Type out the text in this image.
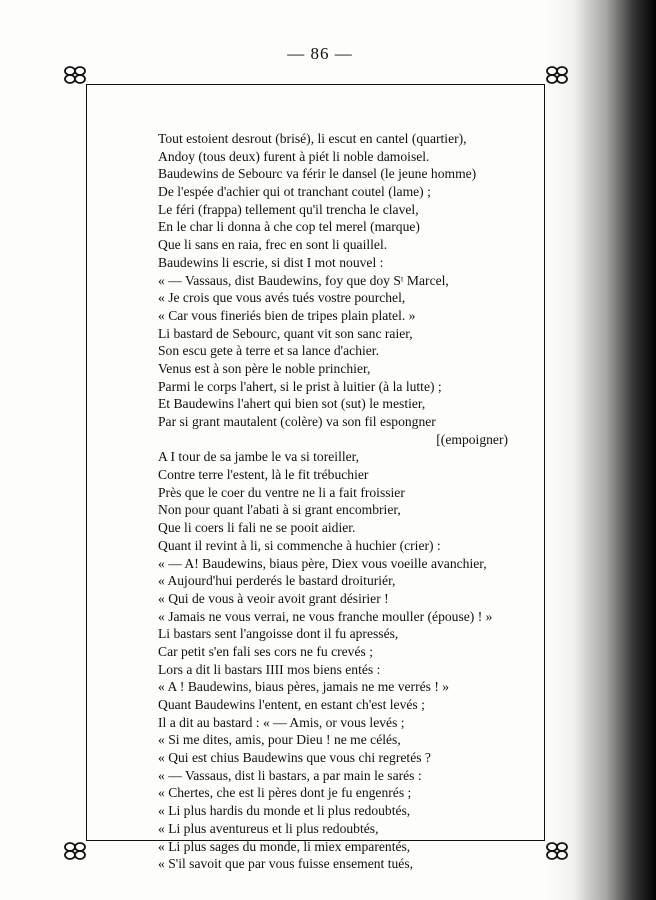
— 86 —
Tout estoient desrout (brisé), li escut en cantel (quartier),
Andoy (tous deux) furent à piét li noble damoisel.
Baudewins de Sebourc va férir le dansel (le jeune homme)
De l'espée d'achier qui ot tranchant coutel (lame) ;
Le féri (frappa) tellement qu'il trencha le clavel,
En le char li donna à che cop tel merel (marque)
Que li sans en raia, frec en sont li quaillel.
Baudewins li escrie, si dist I mot nouvel :
« — Vassaus, dist Baudewins, foy que doy Sᵗ Marcel,
« Je crois que vous avés tués vostre pourchel,
« Car vous fineriés bien de tripes plain platel. »
Li bastard de Sebourc, quant vit son sanc raier,
Son escu gete à terre et sa lance d'achier.
Venus est à son père le noble princhier,
Parmi le corps l'ahert, si le prist à luitier (à la lutte) ;
Et Baudewins l'ahert qui bien sot (sut) le mestier,
Par si grant mautalent (colère) va son fil espongner
[(empoigner)
A I tour de sa jambe le va si toreiller,
Contre terre l'estent, là le fit trébuchier
Près que le coer du ventre ne li a fait froissier
Non pour quant l'abati à si grant encombrier,
Que li coers li fali ne se pooit aidier.
Quant il revint à li, si commenche à huchier (crier) :
« — A! Baudewins, biaus père, Diex vous voeille avanchier,
« Aujourd'hui perderés le bastard droituriér,
« Qui de vous à veoir avoit grant désirier !
« Jamais ne vous verrai, ne vous franche mouller (épouse) ! »
Li bastars sent l'angoisse dont il fu apressés,
Car petit s'en fali ses cors ne fu crevés ;
Lors a dit li bastars IIII mos biens entés :
« A ! Baudewins, biaus pères, jamais ne me verrés ! »
Quant Baudewins l'entent, en estant ch'est levés ;
Il a dit au bastard : « — Amis, or vous levés ;
« Si me dites, amis, pour Dieu ! ne me célés,
« Qui est chius Baudewins que vous chi regretés ?
« — Vassaus, dist li bastars, a par main le sarés :
« Chertes, che est li pères dont je fu engenrés ;
« Li plus hardis du monde et li plus redoubtés,
« Li plus aventureus et li plus redoubtés,
« Li plus sages du monde, li miex emparentés,
« S'il savoit que par vous fuisse ensement tués,
